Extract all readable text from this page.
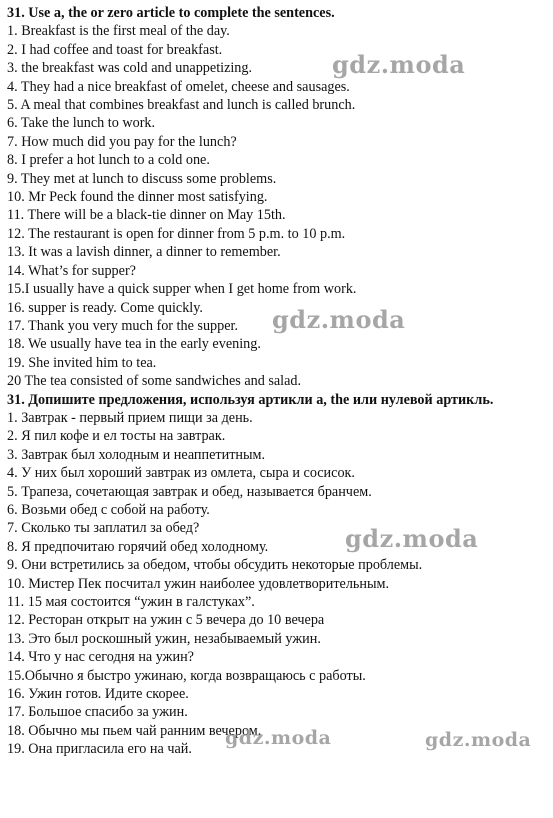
31. Use a, the or zero article to complete the sentences.
1. Breakfast is the first meal of the day.
2. I had coffee and toast for breakfast.
3. the breakfast was cold and unappetizing.
4. They had a nice breakfast of omelet, cheese and sausages.
5. A meal that combines breakfast and lunch is called brunch.
6. Take the lunch to work.
7. How much did you pay for the lunch?
8. I prefer a hot lunch to a cold one.
9. They met at lunch to discuss some problems.
10. Mr Peck found the dinner most satisfying.
11. There will be a black-tie dinner on May 15th.
12. The restaurant is open for dinner from 5 p.m. to 10 p.m.
13. It was a lavish dinner, a dinner to remember.
14. What’s for supper?
15.I usually have a quick supper when I get home from work.
16. supper is ready. Come quickly.
17. Thank you very much for the supper.
18. We usually have tea in the early evening.
19. She invited him to tea.
20 The tea consisted of some sandwiches and salad.
31. Допишите предложения, используя артикли a, the или нулевой артикль.
1. Завтрак - первый прием пищи за день.
2. Я пил кофе и ел тосты на завтрак.
3. Завтрак был холодным и неаппетитным.
4. У них был хороший завтрак из омлета, сыра и сосисок.
5. Трапеза, сочетающая завтрак и обед, называется бранчем.
6. Возьми обед с собой на работу.
7. Сколько ты заплатил за обед?
8. Я предпочитаю горячий обед холодному.
9. Они встретились за обедом, чтобы обсудить некоторые проблемы.
10. Мистер Пек посчитал ужин наиболее удовлетворительным.
11. 15 мая состоится “ужин в галстуках”.
12. Ресторан открыт на ужин с 5 вечера до 10 вечера
13. Это был роскошный ужин, незабываемый ужин.
14. Что у нас сегодня на ужин?
15.Обычно я быстро ужинаю, когда возвращаюсь с работы.
16. Ужин готов. Идите скорее.
17. Большое спасибо за ужин.
18. Обычно мы пьем чай ранним вечером.
19. Она пригласила его на чай.
gdz.moda
gdz.moda
gdz.moda
gdz.moda	gdz.moda
